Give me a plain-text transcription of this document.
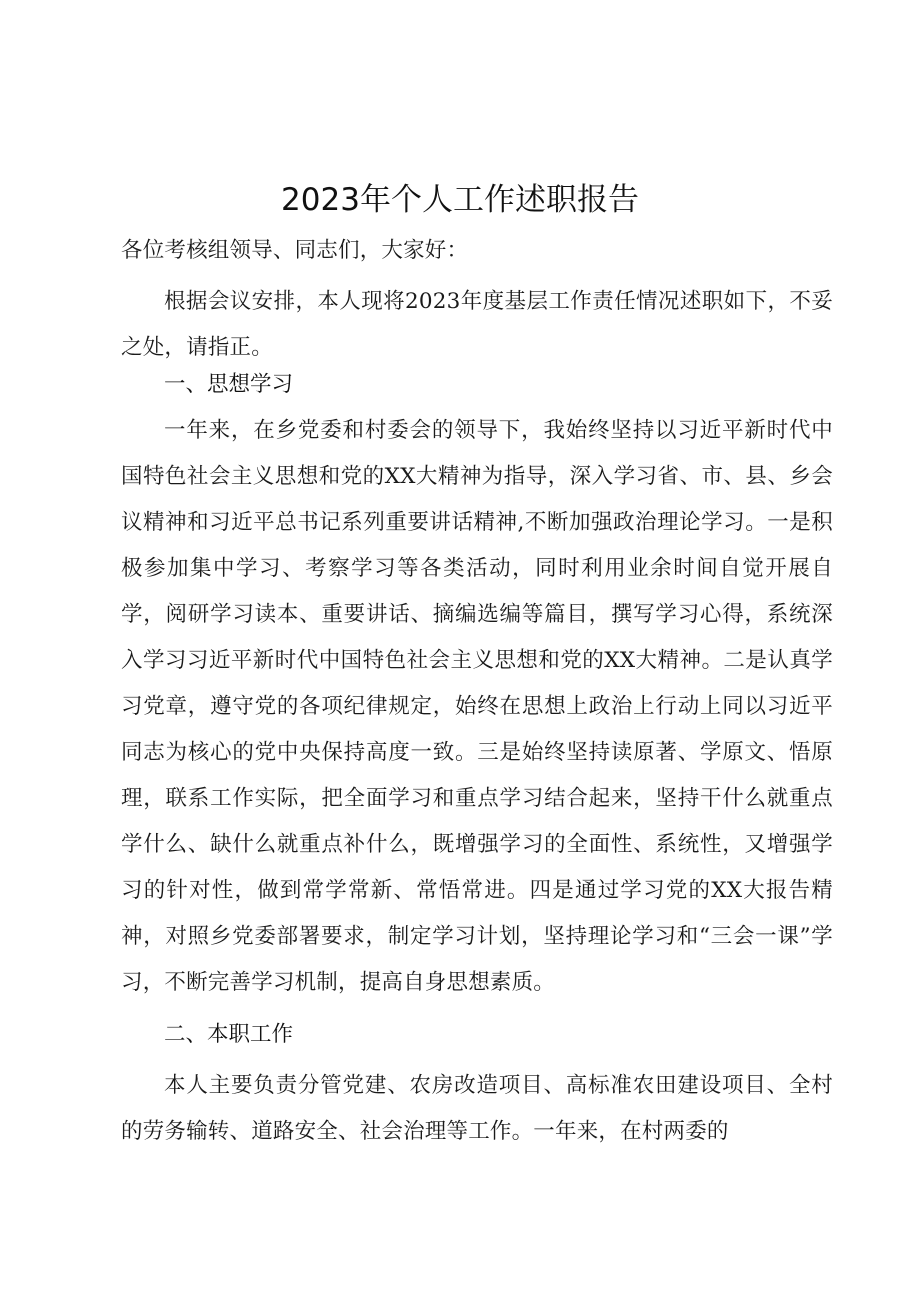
2023年个人工作述职报告
各位考核组领导、同志们，大家好：
根据会议安排，本人现将2023年度基层工作责任情况述职如下，不妥之处，请指正。
一、思想学习
一年来，在乡党委和村委会的领导下，我始终坚持以习近平新时代中国特色社会主义思想和党的XX大精神为指导，深入学习省、市、县、乡会议精神和习近平总书记系列重要讲话精神,不断加强政治理论学习。一是积极参加集中学习、考察学习等各类活动，同时利用业余时间自觉开展自学，阅研学习读本、重要讲话、摘编选编等篇目，撰写学习心得，系统深入学习习近平新时代中国特色社会主义思想和党的XX大精神。二是认真学习党章，遵守党的各项纪律规定，始终在思想上政治上行动上同以习近平同志为核心的党中央保持高度一致。三是始终坚持读原著、学原文、悟原理，联系工作实际，把全面学习和重点学习结合起来，坚持干什么就重点学什么、缺什么就重点补什么，既增强学习的全面性、系统性，又增强学习的针对性，做到常学常新、常悟常进。四是通过学习党的XX大报告精神，对照乡党委部署要求，制定学习计划，坚持理论学习和“三会一课”学习，不断完善学习机制，提高自身思想素质。
二、本职工作
本人主要负责分管党建、农房改造项目、高标准农田建设项目、全村的劳务输转、道路安全、社会治理等工作。一年来，在村两委的
